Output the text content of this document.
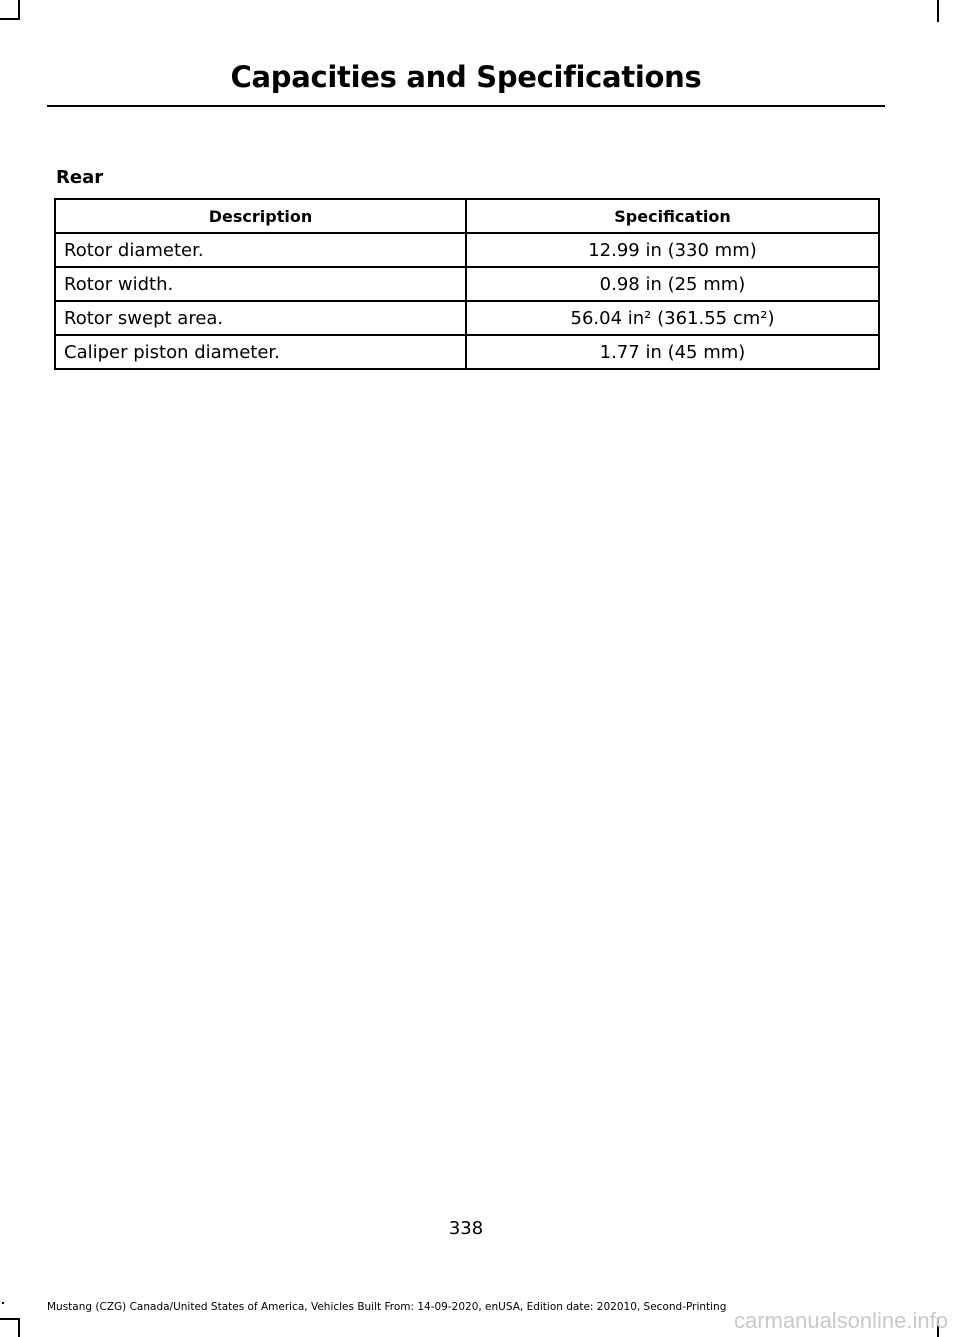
Capacities and Specifications
Rear
Description	Specification
Rotor diameter.	12.99 in (330 mm)
Rotor width.	0.98 in (25 mm)
Rotor swept area.	56.04 in² (361.55 cm²)
Caliper piston diameter.	1.77 in (45 mm)
338
Mustang (CZG) Canada/United States of America, Vehicles Built From: 14-09-2020, enUSA, Edition date: 202010, Second-Printing
carmanualsonline.info
